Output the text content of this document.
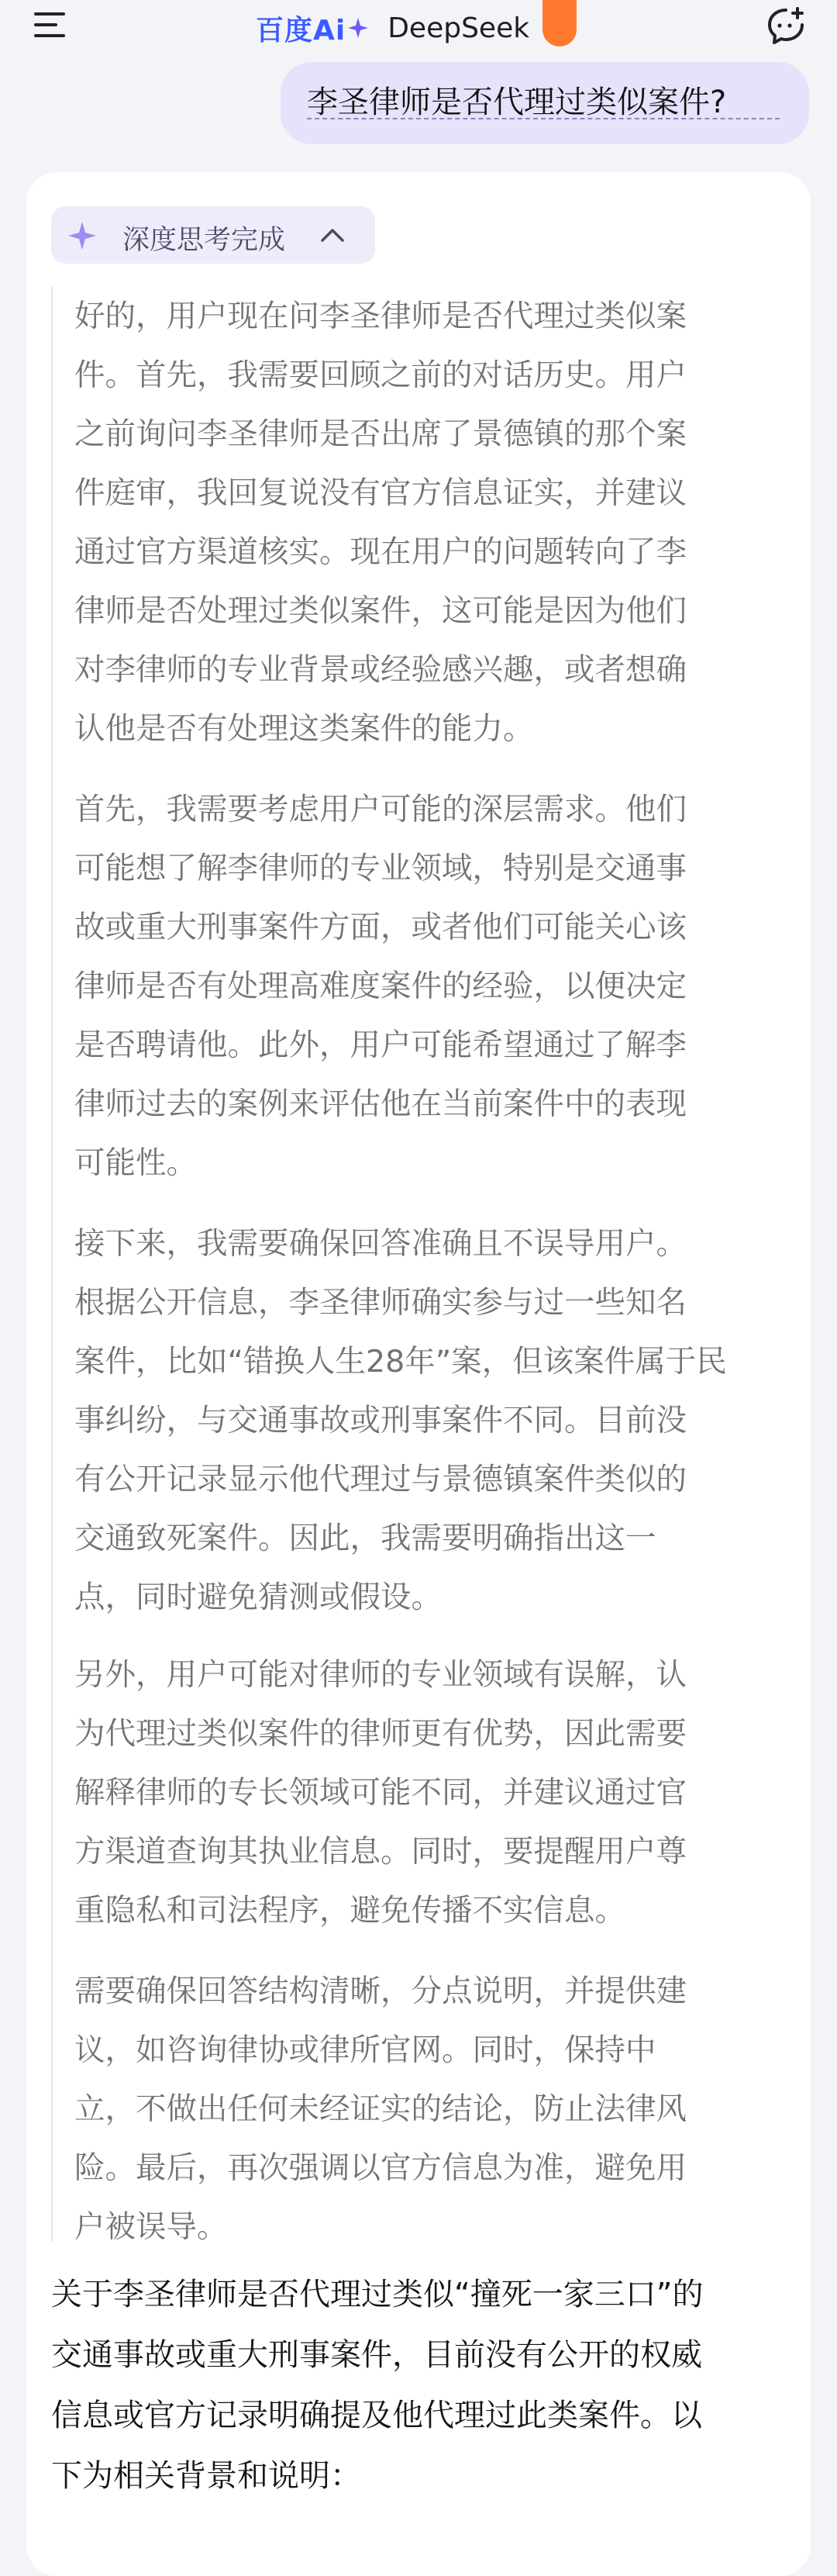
百度Ai DeepSeek
李圣律师是否代理过类似案件?
深度思考完成

好的，用户现在问李圣律师是否代理过类似案
件。首先，我需要回顾之前的对话历史。用户
之前询问李圣律师是否出席了景德镇的那个案
件庭审，我回复说没有官方信息证实，并建议
通过官方渠道核实。现在用户的问题转向了李
律师是否处理过类似案件，这可能是因为他们
对李律师的专业背景或经验感兴趣，或者想确
认他是否有处理这类案件的能力。

首先，我需要考虑用户可能的深层需求。他们
可能想了解李律师的专业领域，特别是交通事
故或重大刑事案件方面，或者他们可能关心该
律师是否有处理高难度案件的经验，以便决定
是否聘请他。此外，用户可能希望通过了解李
律师过去的案例来评估他在当前案件中的表现
可能性。

接下来，我需要确保回答准确且不误导用户。
根据公开信息，李圣律师确实参与过一些知名
案件，比如“错换人生28年”案，但该案件属于民
事纠纷，与交通事故或刑事案件不同。目前没
有公开记录显示他代理过与景德镇案件类似的
交通致死案件。因此，我需要明确指出这一
点，同时避免猜测或假设。

另外，用户可能对律师的专业领域有误解，认
为代理过类似案件的律师更有优势，因此需要
解释律师的专长领域可能不同，并建议通过官
方渠道查询其执业信息。同时，要提醒用户尊
重隐私和司法程序，避免传播不实信息。

需要确保回答结构清晰，分点说明，并提供建
议，如咨询律协或律所官网。同时，保持中
立，不做出任何未经证实的结论，防止法律风
险。最后，再次强调以官方信息为准，避免用
户被误导。

关于李圣律师是否代理过类似“撞死一家三口”的
交通事故或重大刑事案件，目前没有公开的权威
信息或官方记录明确提及他代理过此类案件。以
下为相关背景和说明：
